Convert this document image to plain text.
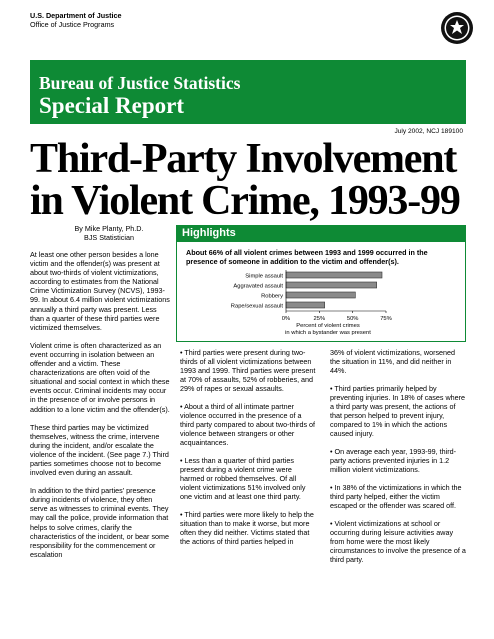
U.S. Department of Justice
Office of Justice Programs
Bureau of Justice Statistics
Special Report
July 2002, NCJ 189100
Third-Party Involvement
in Violent Crime, 1993-99
By Mike Planty, Ph.D.
BJS Statistician

At least one other person besides a lone victim and the offender(s) was present at about two-thirds of violent victimizations, according to estimates from the National Crime Victimization Survey (NCVS), 1993-99. In about 6.4 million violent victimizations annually a third party was present. Less than a quarter of these third parties were victimized themselves.

Violent crime is often characterized as an event occurring in isolation between an offender and a victim. These characterizations are often void of the situational and social context in which these events occur. Criminal incidents may occur in the presence of or involve persons in addition to a lone victim and the offender(s).

These third parties may be victimized themselves, witness the crime, intervene during the incident, and/or escalate the violence of the incident. (See page 7.) Third parties sometimes choose not to become involved even during an assault.

In addition to the third parties' presence during incidents of violence, they often serve as witnesses to criminal events. They may call the police, provide information that helps to solve crimes, clarify the characteristics of the incident, or bear some responsibility for the commencement or escalation

Highlights
About 66% of all violent crimes between 1993 and 1999 occurred in the presence of someone in addition to the victim and offender(s).
Simple assault
Aggravated assault
Robbery
Rape/sexual assault
0%	25%	50%	75%
Percent of violent crimes
in which a bystander was present

• Third parties were present during two-thirds of all violent victimizations between 1993 and 1999. Third parties were present at 70% of assaults, 52% of robberies, and 29% of rapes or sexual assaults.

• About a third of all intimate partner violence occurred in the presence of a third party compared to about two-thirds of violence between strangers or other acquaintances.

• Less than a quarter of third parties present during a violent crime were harmed or robbed themselves. Of all violent victimizations 51% involved only one victim and at least one third party.

• Third parties were more likely to help the situation than to make it worse, but more often they did neither. Victims stated that the actions of third parties helped in

36% of violent victimizations, worsened the situation in 11%, and did neither in 44%.

• Third parties primarily helped by preventing injuries. In 18% of cases where a third party was present, the actions of that person helped to prevent injury, compared to 1% in which the actions caused injury.

• On average each year, 1993-99, third-party actions prevented injuries in 1.2 million violent victimizations.

• In 38% of the victimizations in which the third party helped, either the victim escaped or the offender was scared off.

• Violent victimizations at school or occurring during leisure activities away from home were the most likely circumstances to involve the presence of a third party.
